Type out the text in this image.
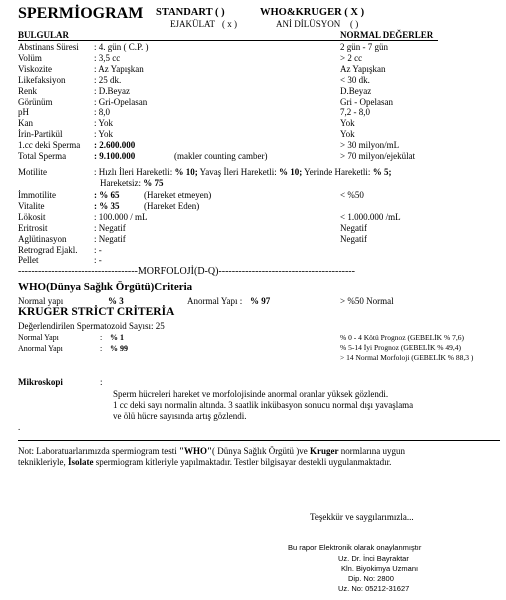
SPERMİOGRAM STANDART ( )	WHO&KRUGER ( X )
EJAKÜLAT ( x )	ANİ DİLÜSYON ( )
BULGULAR	NORMAL DEĞERLER
Abstinans Süresi : 4. gün ( C.P. )	2 gün - 7 gün
Volüm	: 3,5 cc	> 2 cc
Viskozite	: Az Yapışkan	Az Yapışkan
Likefaksiyon	: 25 dk.	< 30 dk.
Renk	: D.Beyaz	D.Beyaz
Görünüm	: Gri-Opelasan	Gri - Opelasan
pH	: 8,0	7,2 - 8,0
Kan	: Yok	Yok
İrin-Partikül	: Yok	Yok
1.cc deki Sperma : 2.600.000	> 30 milyon/mL
Total Sperma	: 9.100.000	(makler counting camber)	> 70 milyon/ejekülat
Motilite	: Hızlı İleri Hareketli: % 10; Yavaş İleri Hareketli: % 10; Yerinde Hareketli: % 5;
Hareketsiz: % 75
İmmotilite	: % 65	(Hareket etmeyen)	< %50
Vitalite	: % 35	(Hareket Eden)
Lökosit	: 100.000 / mL	< 1.000.000 /mL
Eritrosit	: Negatif	Negatif
Aglütinasyon	: Negatif	Negatif
Retrograd Ejakl. : -
Pellet	: -
------------------------------------MORFOLOJİ(D-Q)-----------------------------------------
WHO(Dünya Sağlık Örgütü)Criteria
Normal yapı	% 3	Anormal Yapı : % 97	> %50 Normal
KRUGER STRİCT CRİTERİA
Değerlendirilen Spermatozoid Sayısı: 25
Normal Yapı	: % 1
Anormal Yapı	: % 99
% 0 - 4 Kötü Prognoz (GEBELİK % 7,6)
% 5-14 İyi Prognoz (GEBELİK % 49,4)
> 14 Normal Morfoloji (GEBELİK % 88,3 )
Mikroskopi	:
Sperm hücreleri hareket ve morfolojisinde anormal oranlar yüksek gözlendi.
1 cc deki sayı normalin altında. 3 saatlik inkübasyon sonucu normal dışı yavaşlama
ve ölü hücre sayısında artış gözlendi.
.
Not: Laboratuarlarımızda spermiogram testi "WHO"( Dünya Sağlık Örgütü )ve Kruger normlarına uygun
teknikleriyle, İsolate spermiogram kitleriyle yapılmaktadır. Testler bilgisayar destekli uygulanmaktadır.
Teşekkür ve saygılarımızla...
Bu rapor Elektronik olarak onaylanmıştır
Uz. Dr. İnci Bayraktar
Kln. Biyokimya Uzmanı
Dip. No: 2800
Uz. No: 05212-31627
